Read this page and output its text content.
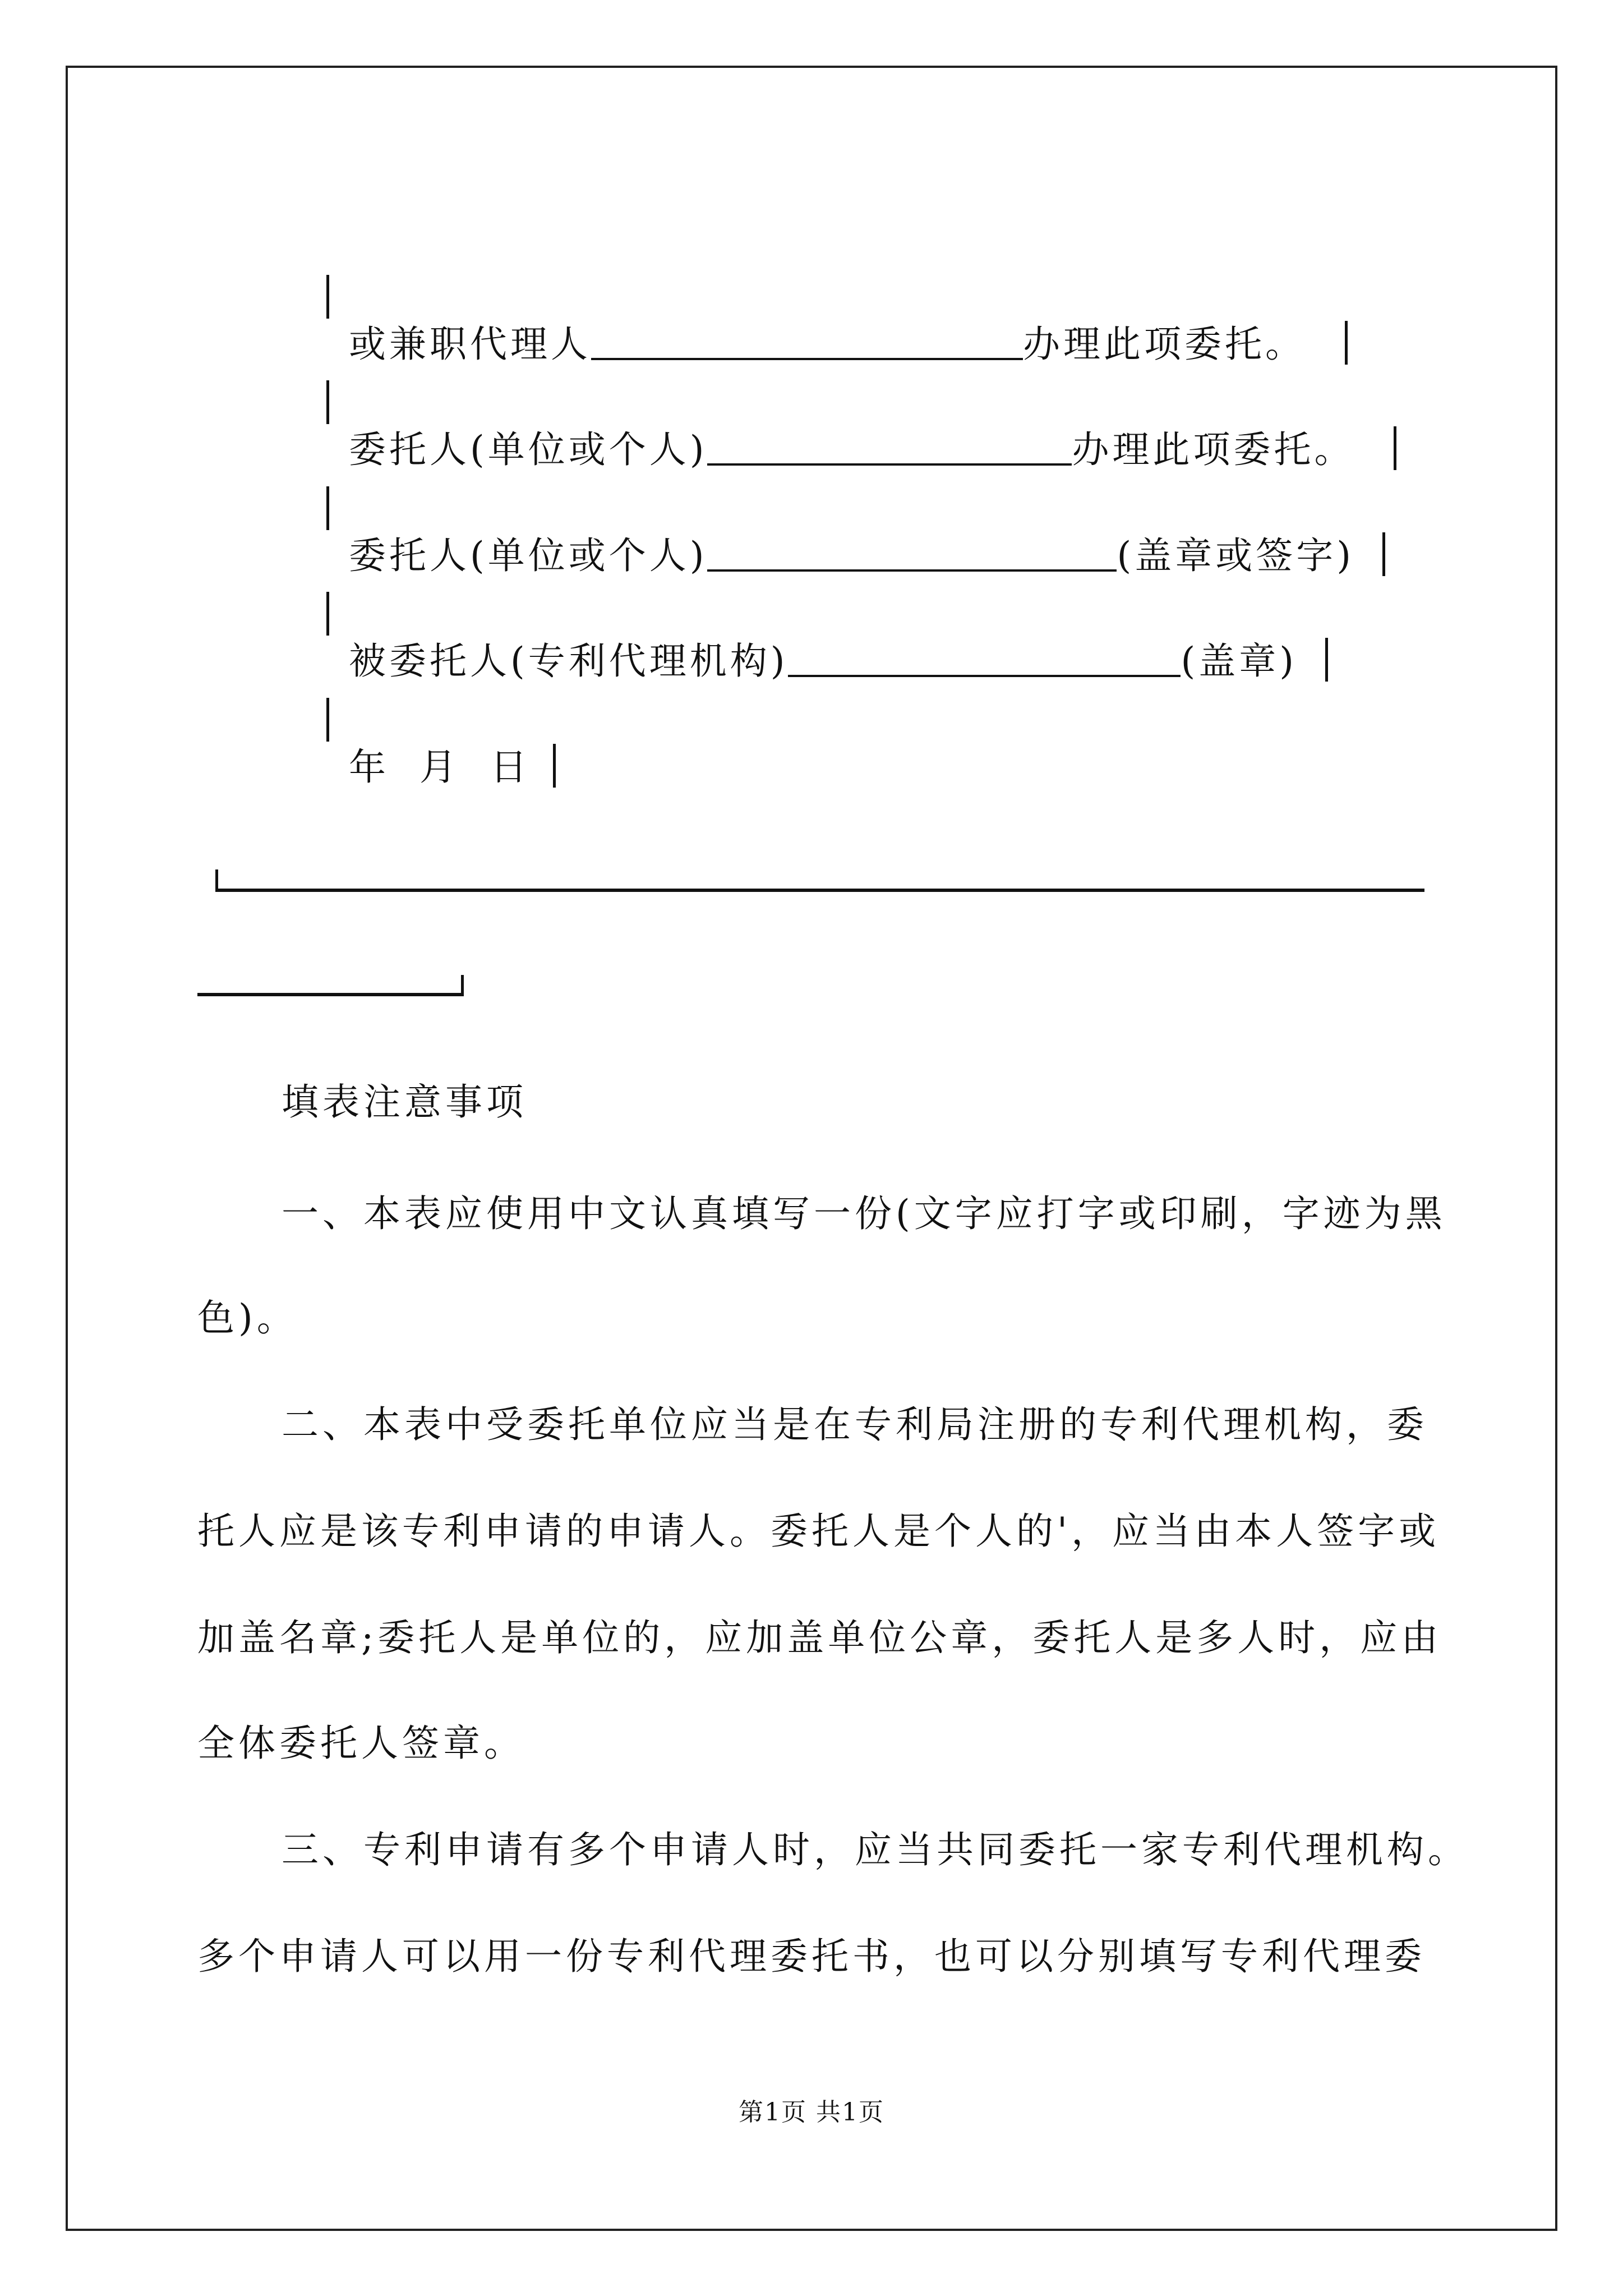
或兼职代理人	办理此项委托。

委托人(单位或个人)	办理此项委托。

委托人(单位或个人)	(盖章或签字)

被委托人(专利代理机构)	(盖章)

年  月  日

填表注意事项
一、本表应使用中文认真填写一份(文字应打字或印刷，字迹为黑
色)。
二、本表中受委托单位应当是在专利局注册的专利代理机构，委
托人应是该专利申请的申请人。委托人是个人的'，应当由本人签字或
加盖名章;委托人是单位的，应加盖单位公章，委托人是多人时，应由
全体委托人签章。
三、专利申请有多个申请人时，应当共同委托一家专利代理机构。
多个申请人可以用一份专利代理委托书，也可以分别填写专利代理委
第1页 共1页
